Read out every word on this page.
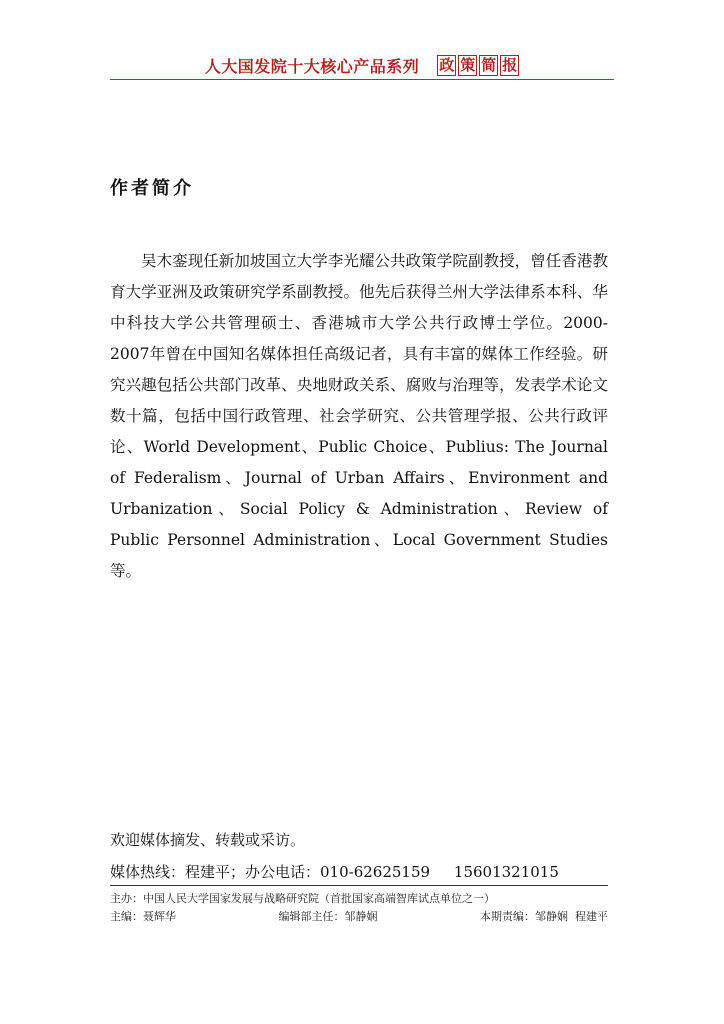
人大国发院十大核心产品系列 政 策 简 报
作者简介

吴木銮现任新加坡国立大学李光耀公共政策学院副教授，曾任香港教育大学亚洲及政策研究学系副教授。他先后获得兰州大学法律系本科、华中科技大学公共管理硕士、香港城市大学公共行政博士学位。2000-2007年曾在中国知名媒体担任高级记者，具有丰富的媒体工作经验。研究兴趣包括公共部门改革、央地财政关系、腐败与治理等，发表学术论文数十篇，包括中国行政管理、社会学研究、公共管理学报、公共行政评论、World Development、Public Choice、Publius: The Journal of Federalism、Journal of Urban Affairs、Environment and Urbanization、Social Policy & Administration、Review of Public Personnel Administration、Local Government Studies 等。

欢迎媒体摘发、转载或采访。
媒体热线：程建平；办公电话：010-62625159 15601321015
主办：中国人民大学国家发展与战略研究院（首批国家高端智库试点单位之一）
主编：聂辉华	编辑部主任：邹静娴	本期责编：邹静娴  程建平
